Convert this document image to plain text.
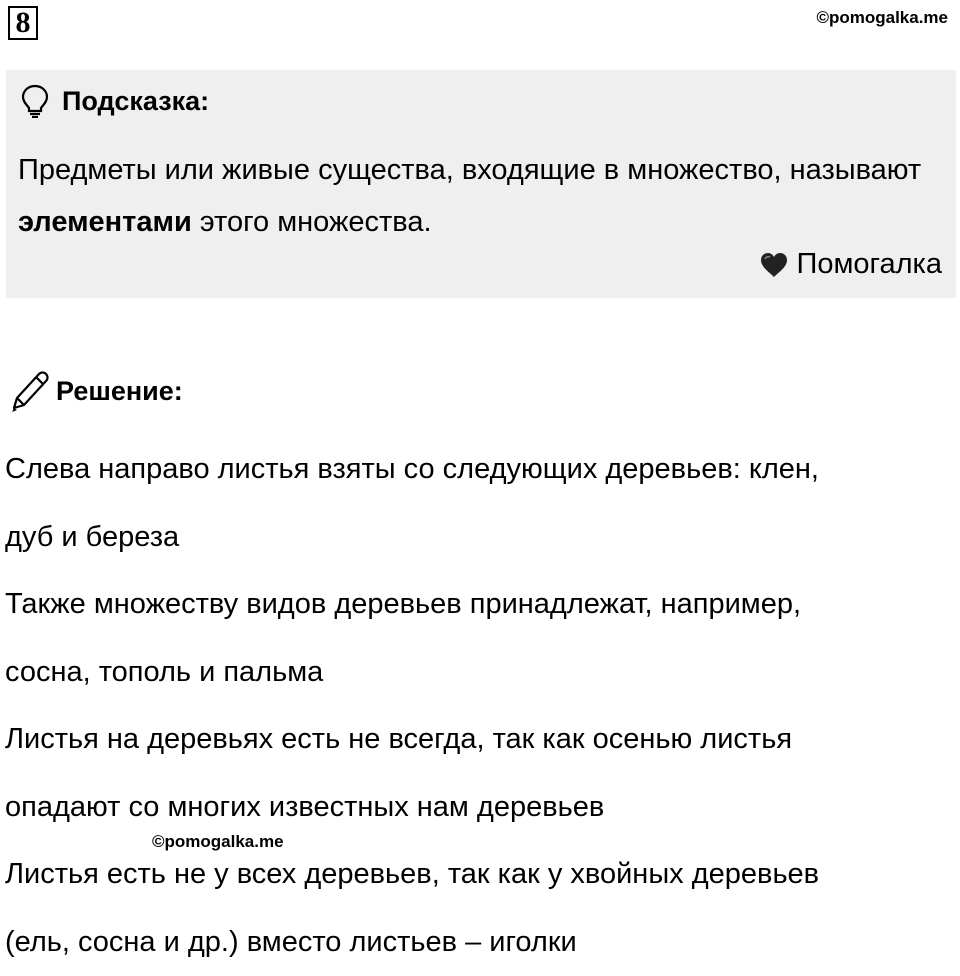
8	©pomogalka.me
Подсказка:
Предметы или живые существа, входящие в множество, называют элементами этого множества.
Помогалка
Решение:

Слева направо листья взяты со следующих деревьев: клен,

дуб и береза

Также множеству видов деревьев принадлежат, например,

сосна, тополь и пальма

Листья на деревьях есть не всегда, так как осенью листья

опадают со многих известных нам деревьев

Листья есть не у всех деревьев, так как у хвойных деревьев

(ель, сосна и др.) вместо листьев – иголки

©pomogalka.me
